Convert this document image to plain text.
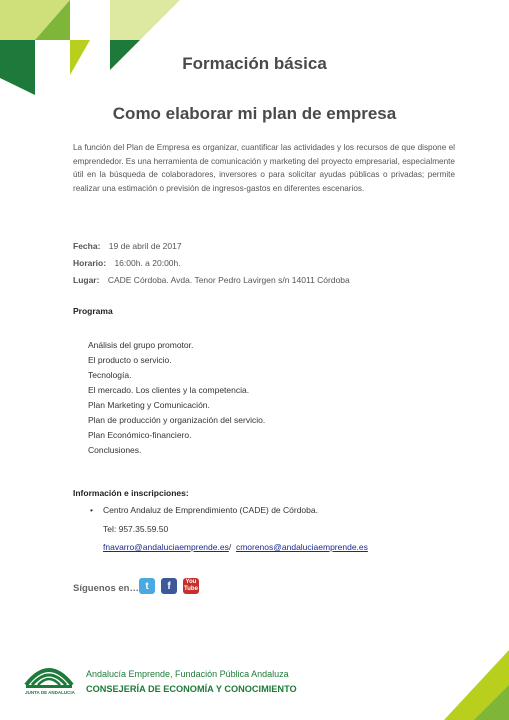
Formación básica
Como elaborar mi plan de empresa
La función del Plan de Empresa es organizar, cuantificar las actividades y los recursos de que dispone el emprendedor. Es una herramienta de comunicación y marketing del proyecto empresarial, especialmente útil en la búsqueda de colaboradores, inversores o para solicitar ayudas públicas o privadas; permite realizar una estimación o previsión de ingresos-gastos en diferentes escenarios.
Fecha: 19 de abril de 2017
Horario: 16:00h. a 20:00h.
Lugar: CADE Córdoba. Avda. Tenor Pedro Lavirgen s/n 14011 Córdoba
Programa
Análisis del grupo promotor.
El producto o servicio.
Tecnología.
El mercado. Los clientes y la competencia.
Plan Marketing y Comunicación.
Plan de producción y organización del servicio.
Plan Económico-financiero.
Conclusiones.
Información e inscripciones:
• Centro Andaluz de Emprendimiento (CADE) de Córdoba.
Tel: 957.35.59.50
fnavarro@andaluciaemprende.es/ cmorenos@andaluciaemprende.es
Síguenos en… t	f	You Tube
JUNTA DE ANDALUCIA
Andalucía Emprende, Fundación Pública Andaluza
CONSEJERÍA DE ECONOMÍA Y CONOCIMIENTO
